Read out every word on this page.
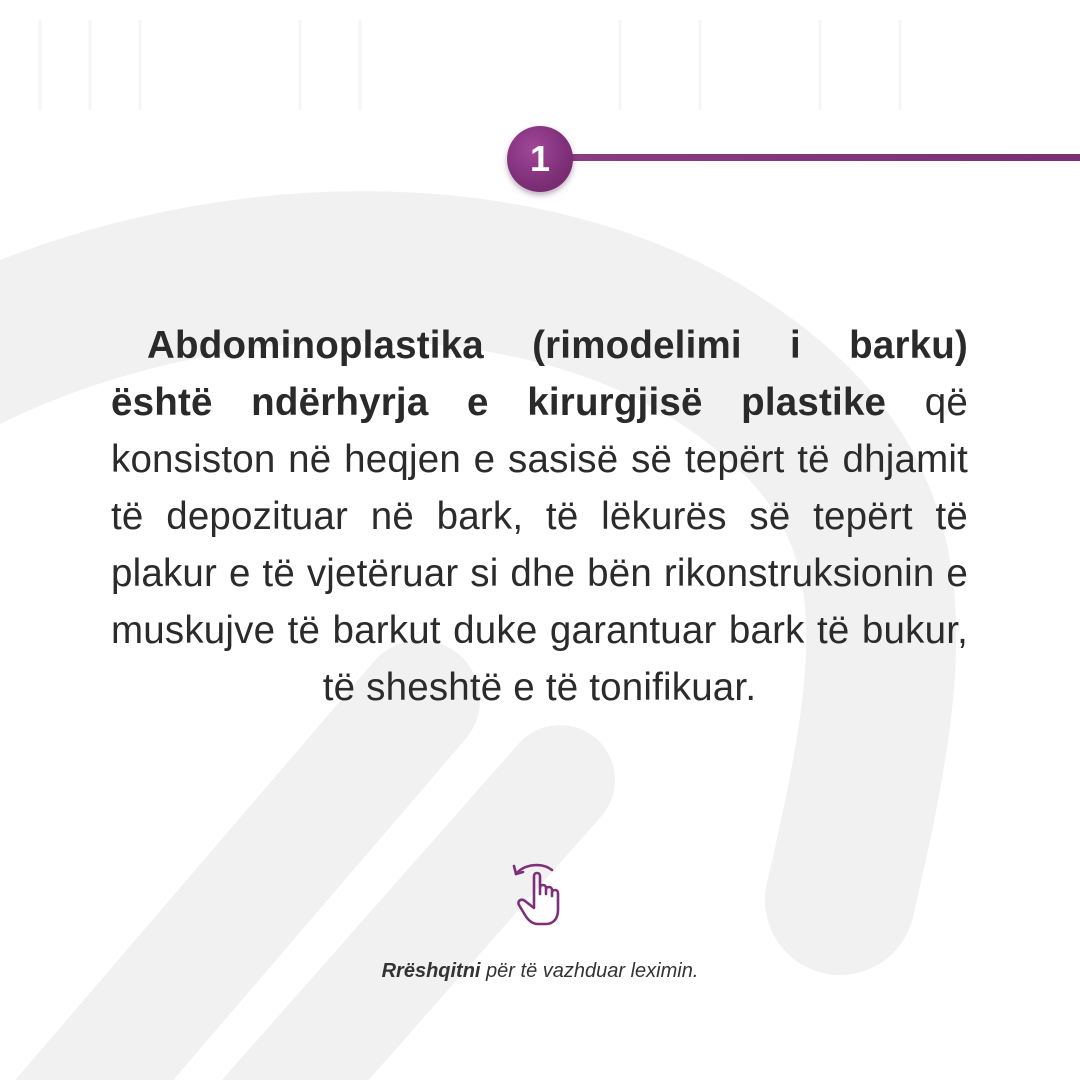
1

Abdominoplastika (rimodelimi i barku) është ndërhyrja e kirurgjisë plastike që konsiston në heqjen e sasisë së tepërt të dhjamit të depozituar në bark, të lëkurës së tepërt të plakur e të vjetëruar si dhe bën rikonstruksionin e muskujve të barkut duke garantuar bark të bukur, të sheshtë e të tonifikuar.

Rrëshqitni për të vazhduar leximin.
